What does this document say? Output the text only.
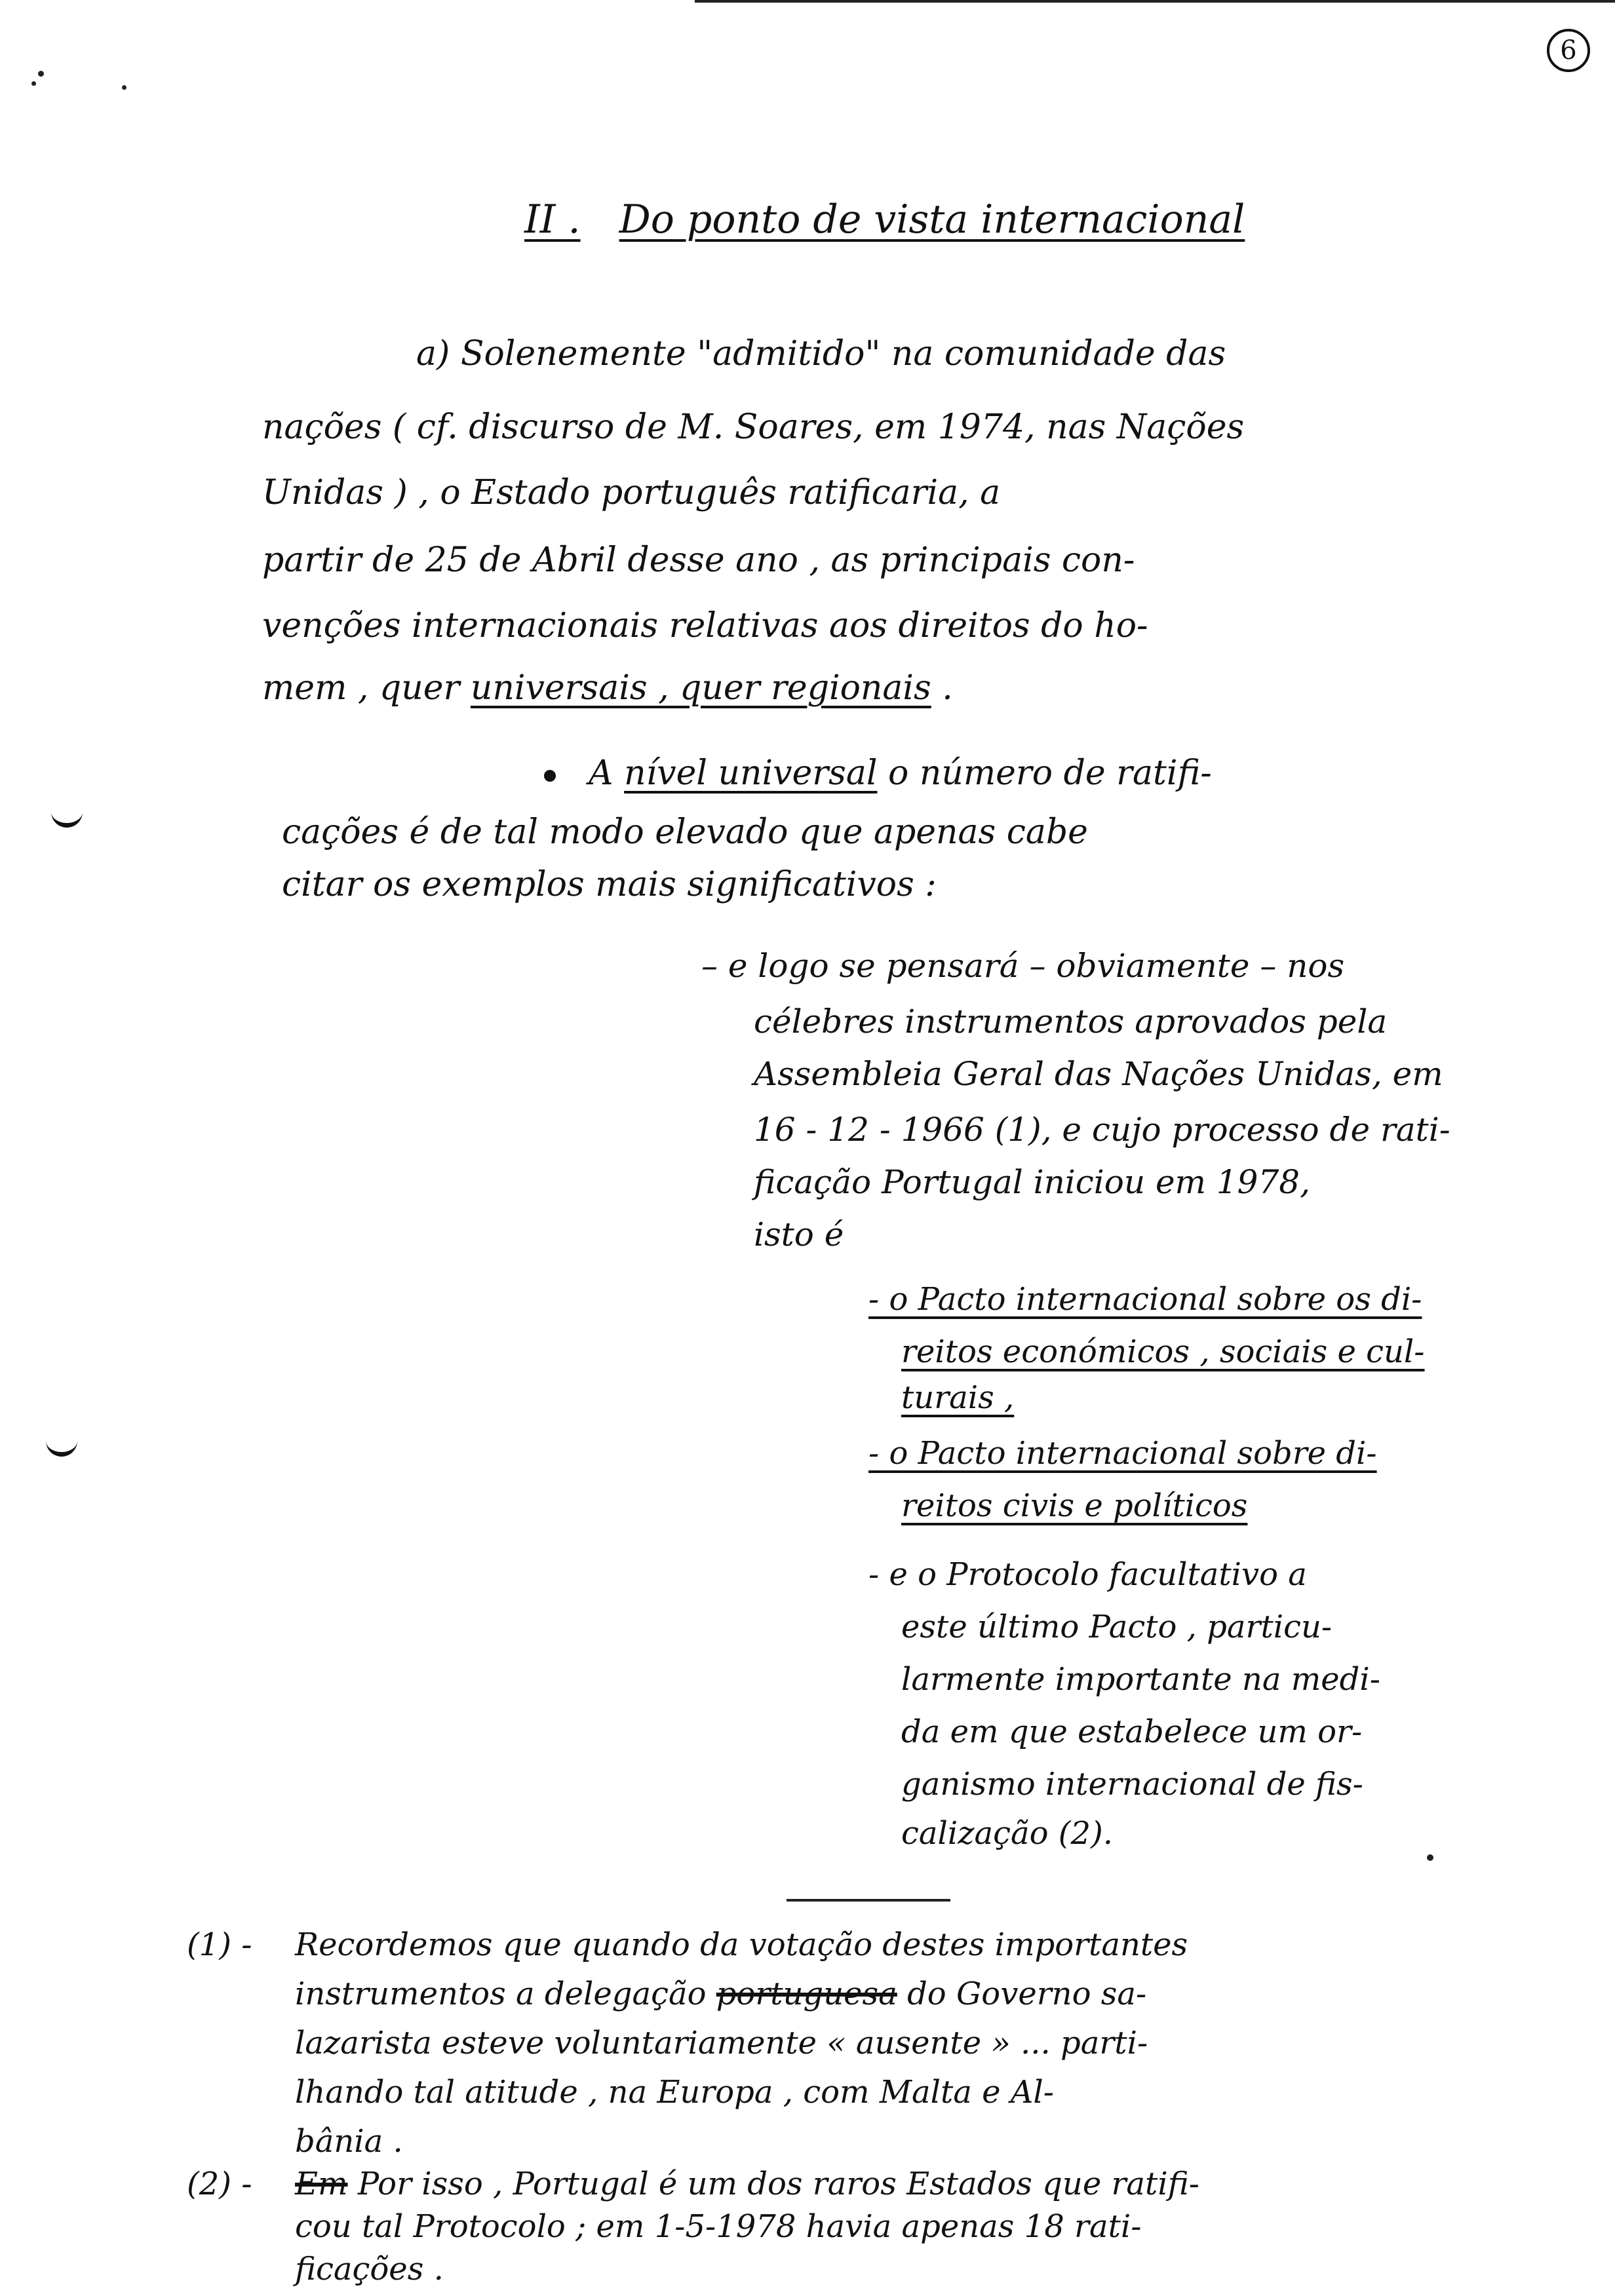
6
II . Do ponto de vista internacional
a) Solenemente "admitido" na comunidade das
nações ( cf. discurso de M. Soares, em 1974, nas Nações
Unidas ) , o Estado português ratificaria, a
partir de 25 de Abril desse ano , as principais con-
venções internacionais relativas aos direitos do ho-
mem , quer universais , quer regionais .
A nível universal o número de ratifi-
cações é de tal modo elevado que apenas cabe
citar os exemplos mais significativos :
– e logo se pensará – obviamente – nos
célebres instrumentos aprovados pela
Assembleia Geral das Nações Unidas, em
16 - 12 - 1966 (1), e cujo processo de rati-
ficação Portugal iniciou em 1978,
isto é
- o Pacto internacional sobre os di-
reitos económicos , sociais e cul-
turais ,
- o Pacto internacional sobre di-
reitos civis e políticos
- e o Protocolo facultativo a
este último Pacto , particu-
larmente importante na medi-
da em que estabelece um or-
ganismo internacional de fis-
calização (2).
(1) - Recordemos que quando da votação destes importantes
instrumentos a delegação portuguesa do Governo sa-
lazarista esteve voluntariamente « ausente » ... parti-
lhando tal atitude , na Europa , com Malta e Al-
bânia .
(2) - Em Por isso , Portugal é um dos raros Estados que ratifi-
cou tal Protocolo ; em 1-5-1978 havia apenas 18 rati-
ficações .
